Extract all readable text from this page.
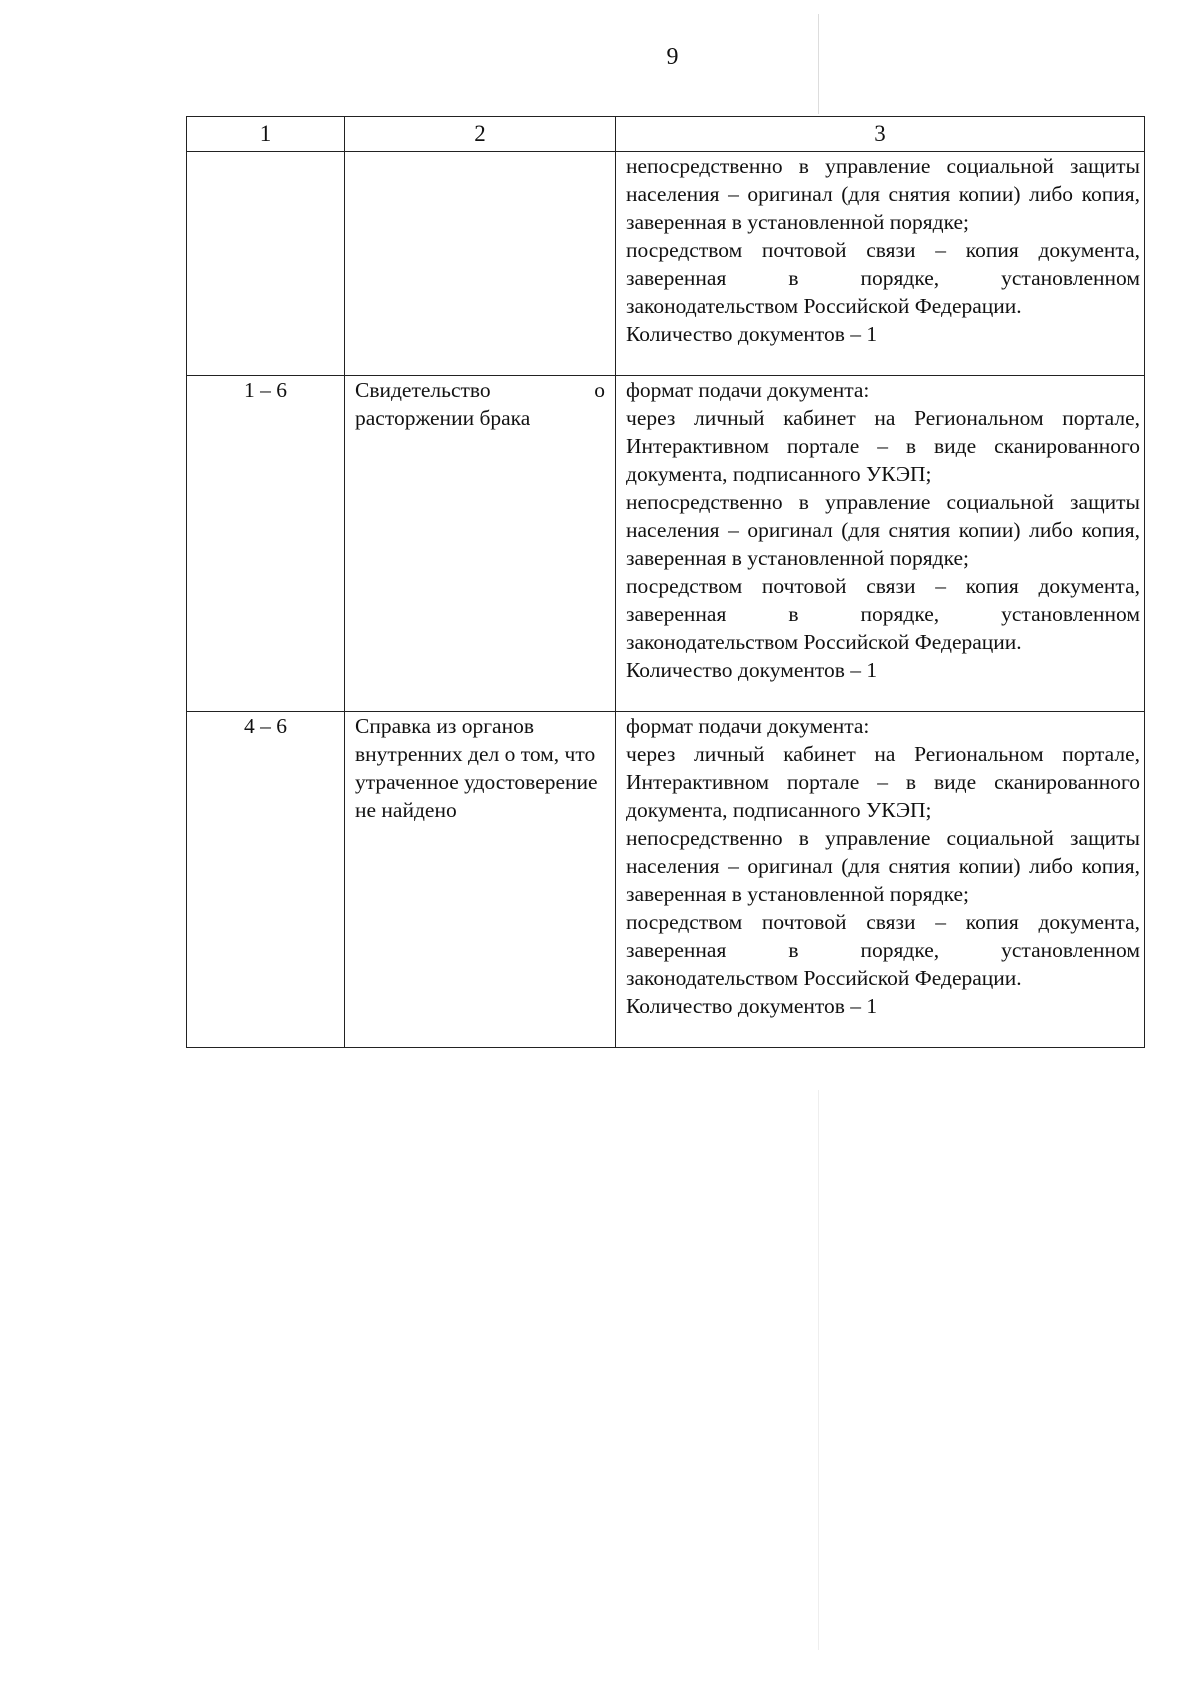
9
1	2	3

		непосредственно в управление социальной защиты населения – оригинал (для снятия копии) либо копия, заверенная в установленной порядке;
посредством почтовой связи – копия документа, заверенная в порядке, установленном законодательством Российской Федерации.
Количество документов – 1

1 – 6	Свидетельство о расторжении брака	формат подачи документа:
через личный кабинет на Региональном портале, Интерактивном портале – в виде сканированного документа, подписанного УКЭП;
непосредственно в управление социальной защиты населения – оригинал (для снятия копии) либо копия, заверенная в установленной порядке;
посредством почтовой связи – копия документа, заверенная в порядке, установленном законодательством Российской Федерации.
Количество документов – 1

4 – 6	Справка из органов внутренних дел о том, что утраченное удостоверение не найдено	формат подачи документа:
через личный кабинет на Региональном портале, Интерактивном портале – в виде сканированного документа, подписанного УКЭП;
непосредственно в управление социальной защиты населения – оригинал (для снятия копии) либо копия, заверенная в установленной порядке;
посредством почтовой связи – копия документа, заверенная в порядке, установленном законодательством Российской Федерации.
Количество документов – 1
